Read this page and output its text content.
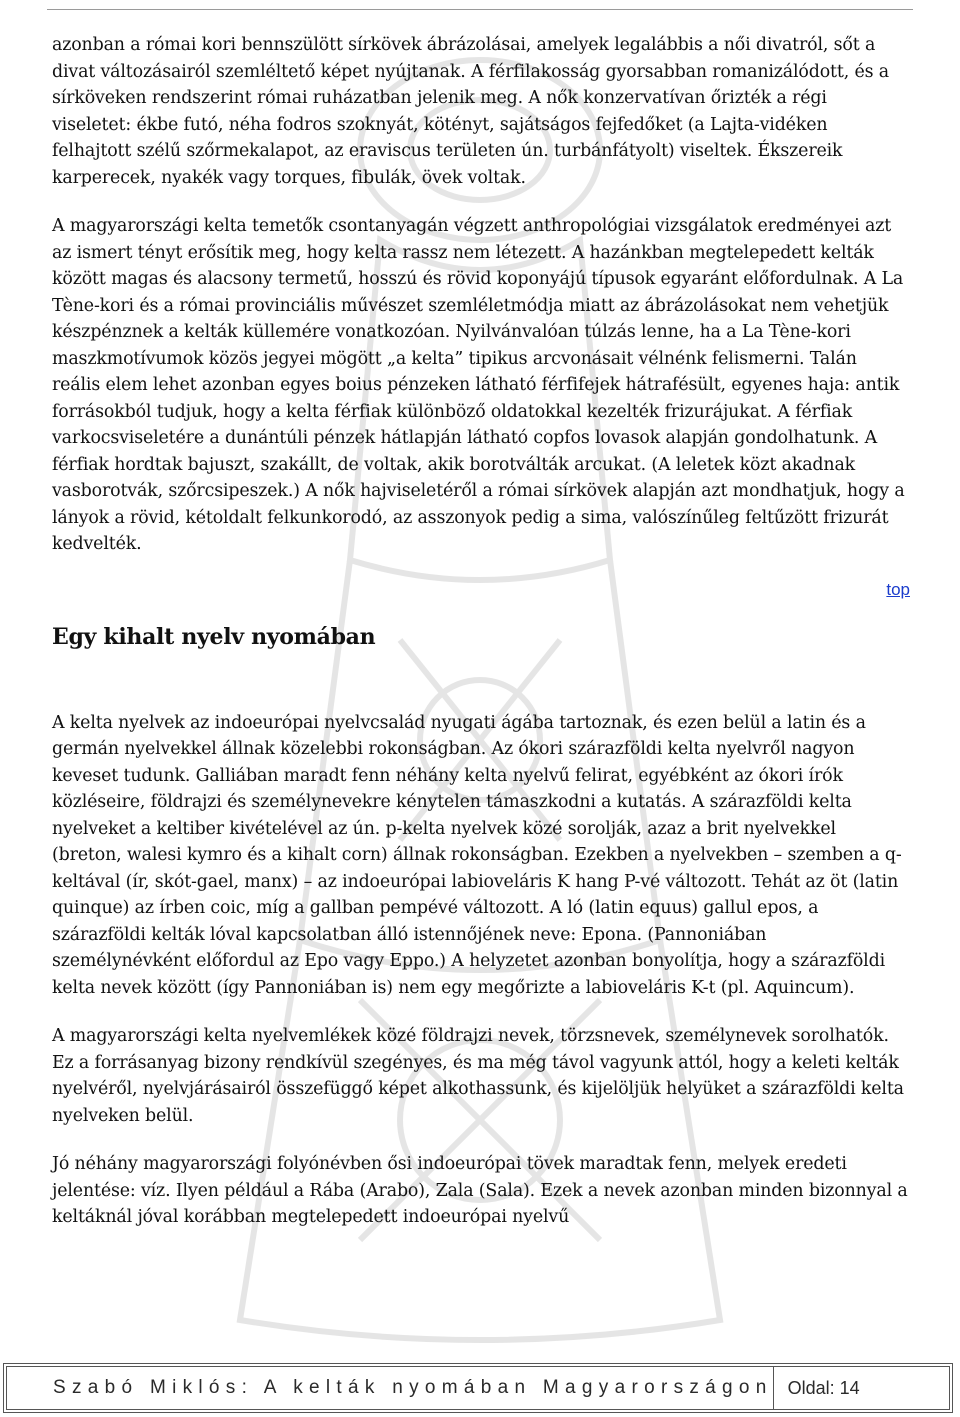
azonban a római kori bennszülött sírkövek ábrázolásai, amelyek legalábbis a női divatról, sőt a divat változásairól szemléltető képet nyújtanak. A férfilakosság gyorsabban romanizálódott, és a sírköveken rendszerint római ruházatban jelenik meg. A nők konzervatívan őrizték a régi viseletet: ékbe futó, néha fodros szoknyát, kötényt, sajátságos fejfedőket (a Lajta-vidéken felhajtott szélű szőrmekalapot, az eraviscus területen ún. turbánfátyolt) viseltek. Ékszereik karperecek, nyakék vagy torques, fibulák, övek voltak.

A magyarországi kelta temetők csontanyagán végzett anthropológiai vizsgálatok eredményei azt az ismert tényt erősítik meg, hogy kelta rassz nem létezett. A hazánkban megtelepedett kelták között magas és alacsony termetű, hosszú és rövid koponyájú típusok egyaránt előfordulnak. A La Tène-kori és a római provinciális művészet szemléletmódja miatt az ábrázolásokat nem vehetjük készpénznek a kelták küllemére vonatkozóan. Nyilvánvalóan túlzás lenne, ha a La Tène-kori maszkmotívumok közös jegyei mögött „a kelta” tipikus arcvonásait vélnénk felismerni. Talán reális elem lehet azonban egyes boius pénzeken látható férfifejek hátrafésült, egyenes haja: antik forrásokból tudjuk, hogy a kelta férfiak különböző oldatokkal kezelték frizurájukat. A férfiak varkocsviseletére a dunántúli pénzek hátlapján látható copfos lovasok alapján gondolhatunk. A férfiak hordtak bajuszt, szakállt, de voltak, akik borotválták arcukat. (A leletek közt akadnak vasborotvák, szőrcsipeszek.) A nők hajviseletéről a római sírkövek alapján azt mondhatjuk, hogy a lányok a rövid, kétoldalt felkunkorodó, az asszonyok pedig a sima, valószínűleg feltűzött frizurát kedvelték.

top
Egy kihalt nyelv nyomában

A kelta nyelvek az indoeurópai nyelvcsalád nyugati ágába tartoznak, és ezen belül a latin és a germán nyelvekkel állnak közelebbi rokonságban. Az ókori szárazföldi kelta nyelvről nagyon keveset tudunk. Galliában maradt fenn néhány kelta nyelvű felirat, egyébként az ókori írók közléseire, földrajzi és személynevekre kénytelen támaszkodni a kutatás. A szárazföldi kelta nyelveket a keltiber kivételével az ún. p-kelta nyelvek közé sorolják, azaz a brit nyelvekkel (breton, walesi kymro és a kihalt corn) állnak rokonságban. Ezekben a nyelvekben – szemben a q-keltával (ír, skót-gael, manx) – az indoeurópai labioveláris K hang P-vé változott. Tehát az öt (latin quinque) az írben coic, míg a gallban pempévé változott. A ló (latin equus) gallul epos, a szárazföldi kelták lóval kapcsolatban álló istennőjének neve: Epona. (Pannoniában személynévként előfordul az Epo vagy Eppo.) A helyzetet azonban bonyolítja, hogy a szárazföldi kelta nevek között (így Pannoniában is) nem egy megőrizte a labioveláris K-t (pl. Aquincum).

A magyarországi kelta nyelvemlékek közé földrajzi nevek, törzsnevek, személynevek sorolhatók. Ez a forrásanyag bizony rendkívül szegényes, és ma még távol vagyunk attól, hogy a keleti kelták nyelvéről, nyelvjárásairól összefüggő képet alkothassunk, és kijelöljük helyüket a szárazföldi kelta nyelveken belül.

Jó néhány magyarországi folyónévben ősi indoeurópai tövek maradtak fenn, melyek eredeti jelentése: víz. Ilyen például a Rába (Arabo), Zala (Sala). Ezek a nevek azonban minden bizonnyal a keltáknál jóval korábban megtelepedett indoeurópai nyelvű

Szabó Miklós: A kelták nyomában Magyarországon Oldal: 14
